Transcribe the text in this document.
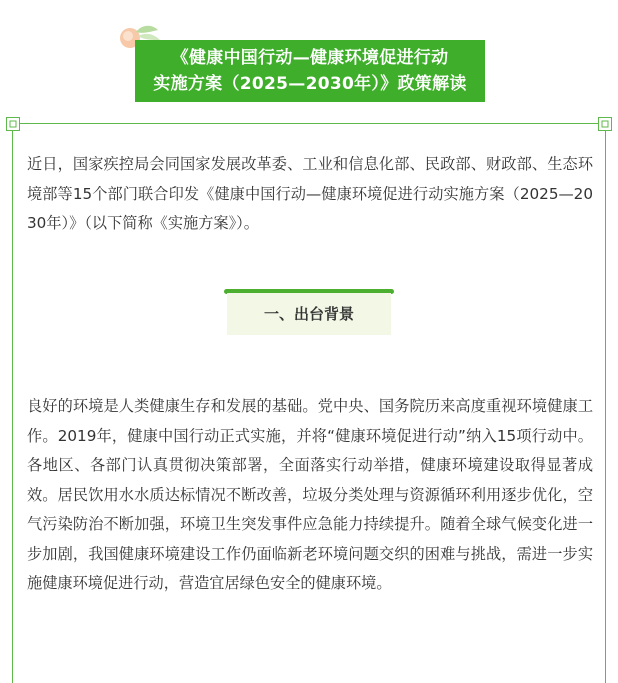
《健康中国行动—健康环境促进行动
实施方案（2025—2030年）》政策解读

近日，国家疾控局会同国家发展改革委、工业和信息化部、民政部、财政部、生态环境部等15个部门联合印发《健康中国行动—健康环境促进行动实施方案（2025—2030年）》（以下简称《实施方案》）。

一、出台背景

良好的环境是人类健康生存和发展的基础。党中央、国务院历来高度重视环境健康工作。2019年，健康中国行动正式实施，并将“健康环境促进行动”纳入15项行动中。各地区、各部门认真贯彻决策部署，全面落实行动举措，健康环境建设取得显著成效。居民饮用水水质达标情况不断改善，垃圾分类处理与资源循环利用逐步优化，空气污染防治不断加强，环境卫生突发事件应急能力持续提升。随着全球气候变化进一步加剧，我国健康环境建设工作仍面临新老环境问题交织的困难与挑战，需进一步实施健康环境促进行动，营造宜居绿色安全的健康环境。
